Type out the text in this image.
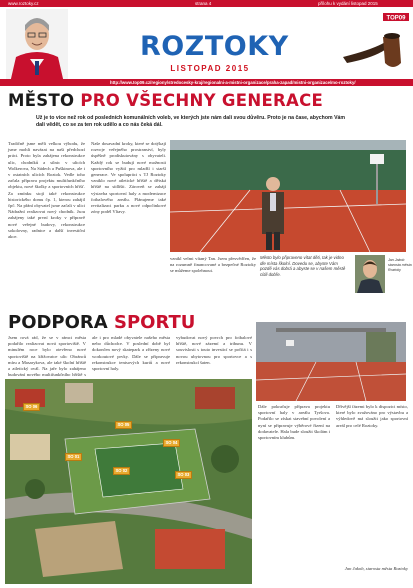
www.roztoky.cz	strana 4	přílohu k vydání listopad 2015
ROZTOKY
LISTOPAD 2015
TOP09
http://www.top09.cz/regiony/stredocesky-kraj/regionalni-a-mistni-organizace/praha-zapad/mistni-organizace/mo-roztoky/
MĚSTO PRO VŠECHNY GENERACE
Už je to více než rok od posledních komunálních voleb, ve kterých jste nám dali svou důvěru. Proto je na čase, abychom Vám dali vědět, co se za ten rok udělo a co nás čeká dál.
Tradičně jsme měli velkou výhodu, že jsme mohli navázat na naši předchozí práci. Proto byla zahájena rekonstrukce ulic, chodníků a silnic v ulicích Wolkerova, Na Sádech a Puškinova, ale i v ostatních ulicích Roztok. Vedle toho začala příprava projektu multifunkčního objektu, nové školky a sportovních hřišť. Za zmínku stojí také rekonstrukce historického domu čp. 1, kterou zahájil čpč. Na přání obyvatel jsme začali v ulici Nádražní realizovat nový chodník. Jsou zahájeny také první kroky v přípravě nové veřejné budovy, rekonstrukce sokolovny, radnice a další investiční akce.
Naše dosavadní kroky, které se dotýkají rozvoje veřejného prostranství, byly úspěšně prodiskutovány s obyvateli. Každý rok se budují nové možnosti sportovního vyžití pro mladší i starší generace. Ve spolupráci s TJ Roztoky vzniklo nové atletické hřiště a dětská hřiště na sídlišti. Zároveň se zahájí výstavba sportovní haly a modernizace fotbalového areálu. Plánujeme také revitalizaci parku a nové odpočinkové zóny podél Vltavy.
vznikl velmi vítaný Tan. Jsem přesvědčen, že na rozumně financované a bezpečné Roztoky se můžeme spolehnout.
Město bylo připraveno vítat děti, tak je vidno dle místa školní. Dovedu se, abyste Vám pozdě vás dobrá a abyste se v našem městě cítili dobře.
Jan Jakob starosta města Roztoky
PODPORA SPORTU
Jsem rová rád, že se v rámci města podařilo realizovat nová sportoviště. V minulém roce bylo otevřeno nové sportoviště na křižovatce ulic Obránců míru a Masarykova, ale také školní hřiště a atletický ovál. Na jaře bylo zahájeno budování nového multifunkčního hřiště s
ale i pro mladé obyvatele našeho města nebo důchodce. V poslední době byl dokončen nový skatepark a zřízeny nové workoutové prvky. Dále se připravuje rekonstrukce tenisových kurtů a nové sportovní haly.
vybudovat nový povrch pro fotbalové hřiště, nové zázemí a tribunu. V souvislosti s touto investicí se počítá i s novou ubytovnou pro sportovce a s rekonstrukcí šaten.
Dále pokračuje příprava projektu sportovní haly v areálu Tyršova. Podařilo se získat stavební povolení a nyní se připravuje výběrové řízení na dodavatele. Hala bude sloužit školám i sportovním klubům.
Dřívější fázemi bylo k dispozici místo, které bylo zvažováno pro výstavbu a výhledově má sloužit jako sportovní areál pro celé Roztoky.
Jan Jakob, starosta města Roztoky
SO 05
SO 01
SO 02
SO 04
SO 03
SO 06
